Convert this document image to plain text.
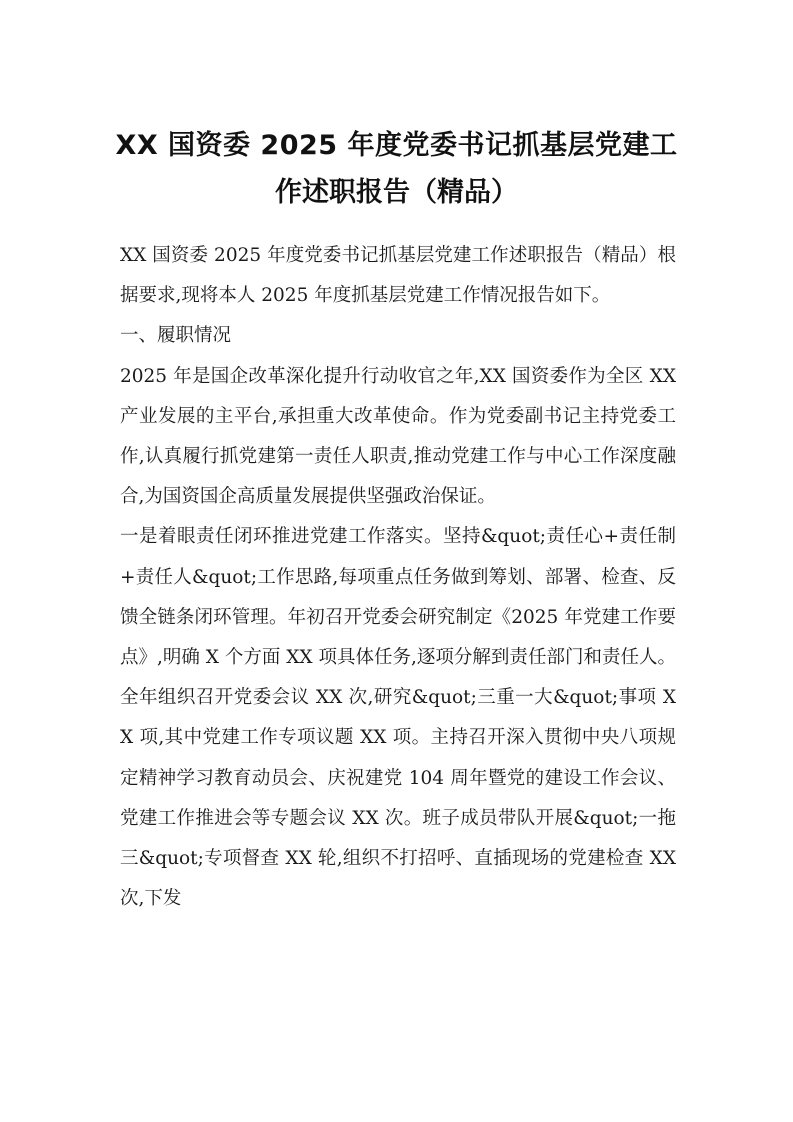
XX 国资委 2025 年度党委书记抓基层党建工
作述职报告（精品）

XX 国资委 2025 年度党委书记抓基层党建工作述职报告（精品）根据要求,现将本人 2025 年度抓基层党建工作情况报告如下。

一、履职情况

2025 年是国企改革深化提升行动收官之年,XX 国资委作为全区 XX 产业发展的主平台,承担重大改革使命。作为党委副书记主持党委工作,认真履行抓党建第一责任人职责,推动党建工作与中心工作深度融合,为国资国企高质量发展提供坚强政治保证。

一是着眼责任闭环推进党建工作落实。坚持&quot;责任心+责任制+责任人&quot;工作思路,每项重点任务做到筹划、部署、检查、反馈全链条闭环管理。年初召开党委会研究制定《2025 年党建工作要点》,明确 X 个方面 XX 项具体任务,逐项分解到责任部门和责任人。全年组织召开党委会议 XX 次,研究&quot;三重一大&quot;事项 XX 项,其中党建工作专项议题 XX 项。主持召开深入贯彻中央八项规定精神学习教育动员会、庆祝建党 104 周年暨党的建设工作会议、党建工作推进会等专题会议 XX 次。班子成员带队开展&quot;一拖三&quot;专项督查 XX 轮,组织不打招呼、直插现场的党建检查 XX 次,下发
